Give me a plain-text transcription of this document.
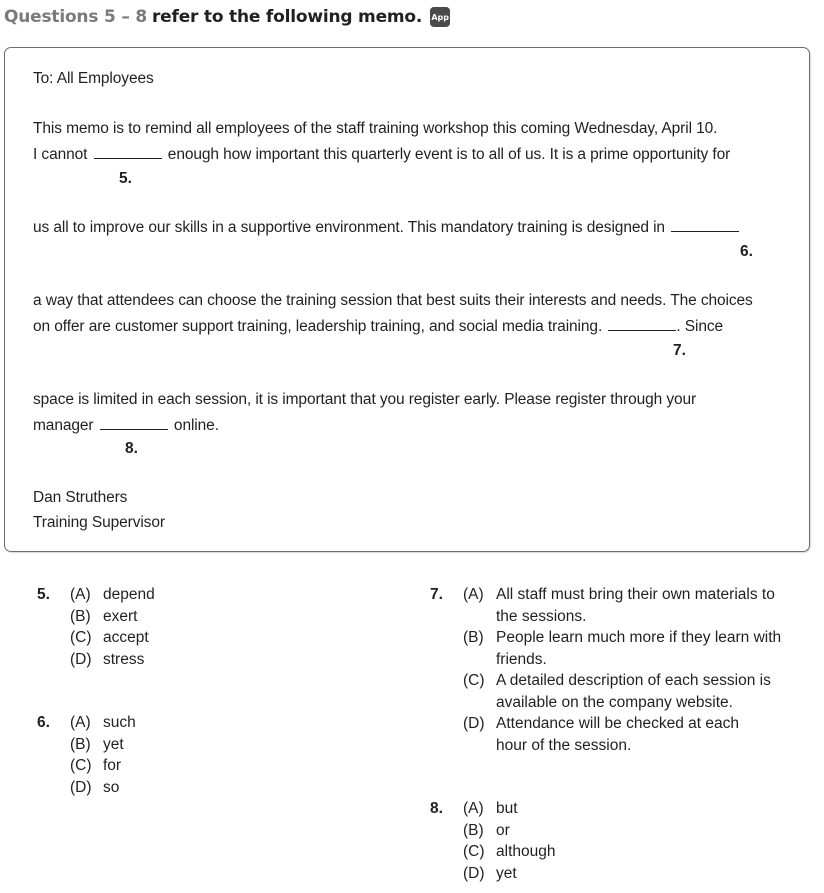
Questions 5 – 8 refer to the following memo. App
To: All Employees
This memo is to remind all employees of the staff training workshop this coming Wednesday, April 10.
I cannot	enough how important this quarterly event is to all of us. It is a prime opportunity for
5.
us all to improve our skills in a supportive environment. This mandatory training is designed in
6.
a way that attendees can choose the training session that best suits their interests and needs. The choices
on offer are customer support training, leadership training, and social media training.	. Since
7.
space is limited in each session, it is important that you register early. Please register through your
manager	online.
8.
Dan Struthers
Training Supervisor
5. (A) depend
(B) exert
(C) accept
(D) stress
6. (A) such
(B) yet
(C) for
(D) so
7. (A) All staff must bring their own materials to the sessions.
(B) People learn much more if they learn with friends.
(C) A detailed description of each session is available on the company website.
(D) Attendance will be checked at each hour of the session.
8. (A) but
(B) or
(C) although
(D) yet
